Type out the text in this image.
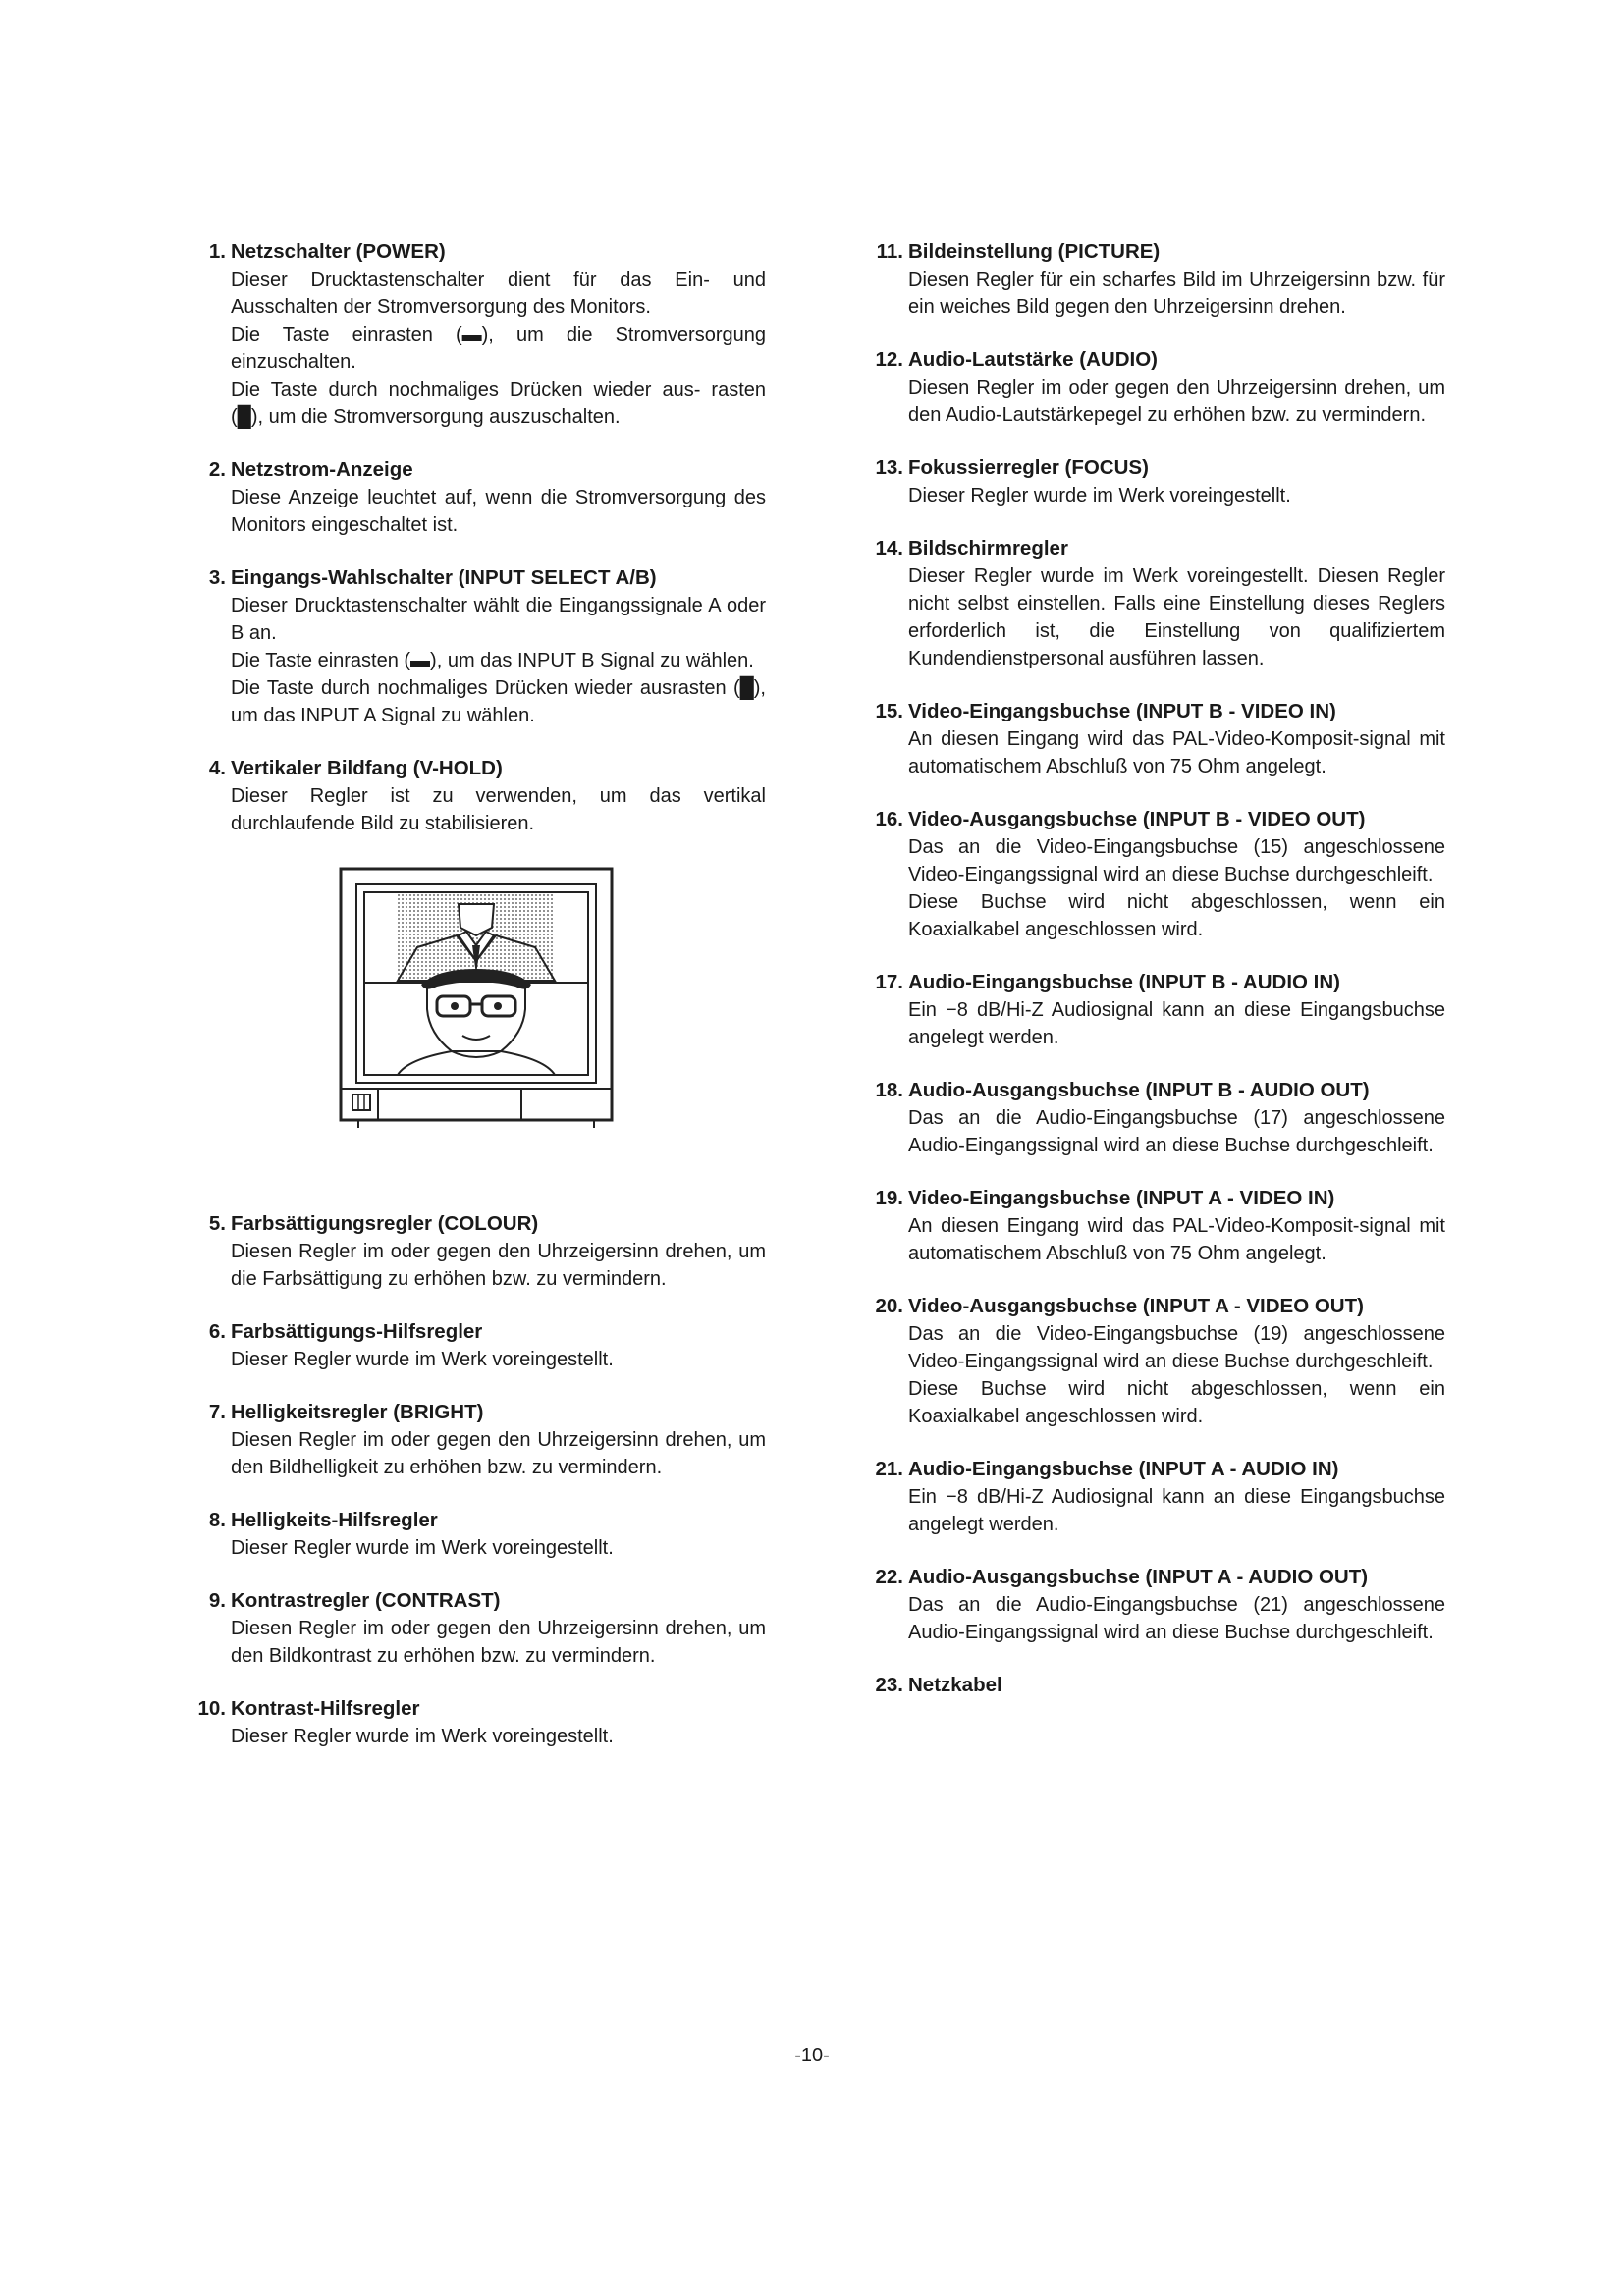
1. Netzschalter (POWER)

Dieser Drucktastenschalter dient für das Ein- und Ausschalten der Stromversorgung des Monitors.

Die Taste einrasten (▬), um die Stromversorgung einzuschalten.

Die Taste durch nochmaliges Drücken wieder aus- rasten (█), um die Stromversorgung auszuschalten.

2. Netzstrom-Anzeige

Diese Anzeige leuchtet auf, wenn die Stromversorgung des Monitors eingeschaltet ist.

3. Eingangs-Wahlschalter (INPUT SELECT A/B)

Dieser Drucktastenschalter wählt die Eingangssignale A oder B an.

Die Taste einrasten (▬), um das INPUT B Signal zu wählen.

Die Taste durch nochmaliges Drücken wieder ausrasten (█), um das INPUT A Signal zu wählen.

4. Vertikaler Bildfang (V-HOLD)

Dieser Regler ist zu verwenden, um das vertikal durchlaufende Bild zu stabilisieren.

5. Farbsättigungsregler (COLOUR)

Diesen Regler im oder gegen den Uhrzeigersinn drehen, um die Farbsättigung zu erhöhen bzw. zu vermindern.

6. Farbsättigungs-Hilfsregler

Dieser Regler wurde im Werk voreingestellt.

7. Helligkeitsregler (BRIGHT)

Diesen Regler im oder gegen den Uhrzeigersinn drehen, um den Bildhelligkeit zu erhöhen bzw. zu vermindern.

8. Helligkeits-Hilfsregler

Dieser Regler wurde im Werk voreingestellt.

9. Kontrastregler (CONTRAST)

Diesen Regler im oder gegen den Uhrzeigersinn drehen, um den Bildkontrast zu erhöhen bzw. zu vermindern.

10. Kontrast-Hilfsregler

Dieser Regler wurde im Werk voreingestellt.

11. Bildeinstellung (PICTURE)

Diesen Regler für ein scharfes Bild im Uhrzeigersinn bzw. für ein weiches Bild gegen den Uhrzeigersinn drehen.

12. Audio-Lautstärke (AUDIO)

Diesen Regler im oder gegen den Uhrzeigersinn drehen, um den Audio-Lautstärkepegel zu erhöhen bzw. zu vermindern.

13. Fokussierregler (FOCUS)

Dieser Regler wurde im Werk voreingestellt.

14. Bildschirmregler

Dieser Regler wurde im Werk voreingestellt. Diesen Regler nicht selbst einstellen. Falls eine Einstellung dieses Reglers erforderlich ist, die Einstellung von qualifiziertem Kundendienstpersonal ausführen lassen.

15. Video-Eingangsbuchse (INPUT B - VIDEO IN)

An diesen Eingang wird das PAL-Video-Komposit-signal mit automatischem Abschluß von 75 Ohm angelegt.

16. Video-Ausgangsbuchse (INPUT B - VIDEO OUT)

Das an die Video-Eingangsbuchse (15) angeschlossene Video-Eingangssignal wird an diese Buchse durchgeschleift.

Diese Buchse wird nicht abgeschlossen, wenn ein Koaxialkabel angeschlossen wird.

17. Audio-Eingangsbuchse (INPUT B - AUDIO IN)

Ein −8 dB/Hi-Z Audiosignal kann an diese Eingangsbuchse angelegt werden.

18. Audio-Ausgangsbuchse (INPUT B - AUDIO OUT)

Das an die Audio-Eingangsbuchse (17) angeschlossene Audio-Eingangssignal wird an diese Buchse durchgeschleift.

19. Video-Eingangsbuchse (INPUT A - VIDEO IN)

An diesen Eingang wird das PAL-Video-Komposit-signal mit automatischem Abschluß von 75 Ohm angelegt.

20. Video-Ausgangsbuchse (INPUT A - VIDEO OUT)

Das an die Video-Eingangsbuchse (19) angeschlossene Video-Eingangssignal wird an diese Buchse durchgeschleift.

Diese Buchse wird nicht abgeschlossen, wenn ein Koaxialkabel angeschlossen wird.

21. Audio-Eingangsbuchse (INPUT A - AUDIO IN)

Ein −8 dB/Hi-Z Audiosignal kann an diese Eingangsbuchse angelegt werden.

22. Audio-Ausgangsbuchse (INPUT A - AUDIO OUT)

Das an die Audio-Eingangsbuchse (21) angeschlossene Audio-Eingangssignal wird an diese Buchse durchgeschleift.

23. Netzkabel
-10-
